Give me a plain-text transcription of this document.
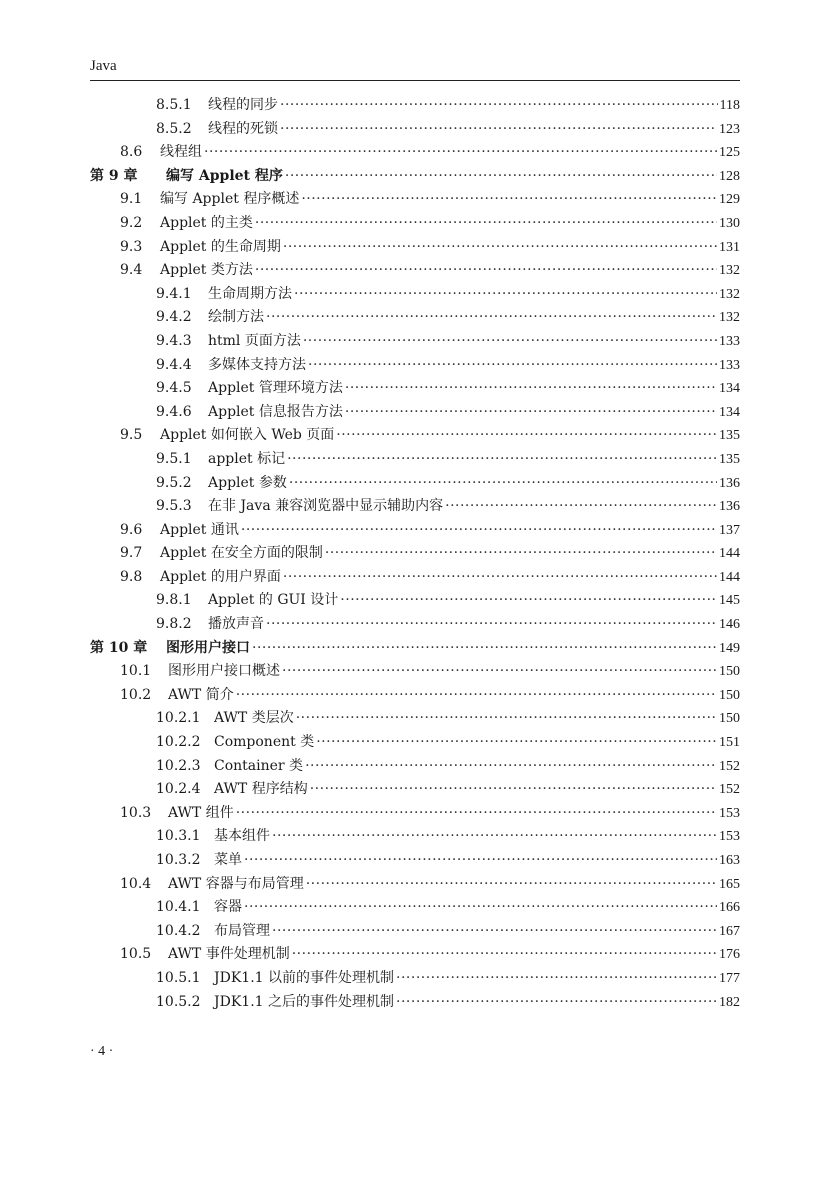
Java
8.5.1	线程的同步 ·····	118
8.5.2	线程的死锁 ·····	123
8.6	线程组 ·····	125
第 9 章	编写 Applet 程序 ·····	128
9.1	编写 Applet 程序概述 ·····	129
9.2	Applet 的主类 ·····	130
9.3	Applet 的生命周期 ·····	131
9.4	Applet 类方法 ·····	132
9.4.1	生命周期方法 ·····	132
9.4.2	绘制方法 ·····	132
9.4.3	html 页面方法 ·····	133
9.4.4	多媒体支持方法 ·····	133
9.4.5	Applet 管理环境方法 ·····	134
9.4.6	Applet 信息报告方法 ·····	134
9.5	Applet 如何嵌入 Web 页面 ·····	135
9.5.1	applet 标记 ·····	135
9.5.2	Applet 参数 ·····	136
9.5.3	在非 Java 兼容浏览器中显示辅助内容 ·····	136
9.6	Applet 通讯 ·····	137
9.7	Applet 在安全方面的限制 ·····	144
9.8	Applet 的用户界面 ·····	144
9.8.1	Applet 的 GUI 设计 ·····	145
9.8.2	播放声音 ·····	146
第 10 章	图形用户接口 ·····	149
10.1	图形用户接口概述 ·····	150
10.2	AWT 简介 ·····	150
10.2.1 AWT 类层次 ·····	150
10.2.2 Component 类 ·····	151
10.2.3 Container 类 ·····	152
10.2.4 AWT 程序结构 ·····	152
10.3	AWT 组件 ·····	153
10.3.1 基本组件 ·····	153
10.3.2 菜单 ·····	163
10.4	AWT 容器与布局管理 ·····	165
10.4.1 容器 ·····	166
10.4.2 布局管理 ·····	167
10.5	AWT 事件处理机制 ·····	176
10.5.1 JDK1.1 以前的事件处理机制 ·····	177
10.5.2 JDK1.1 之后的事件处理机制 ·····	182
· 4 ·
